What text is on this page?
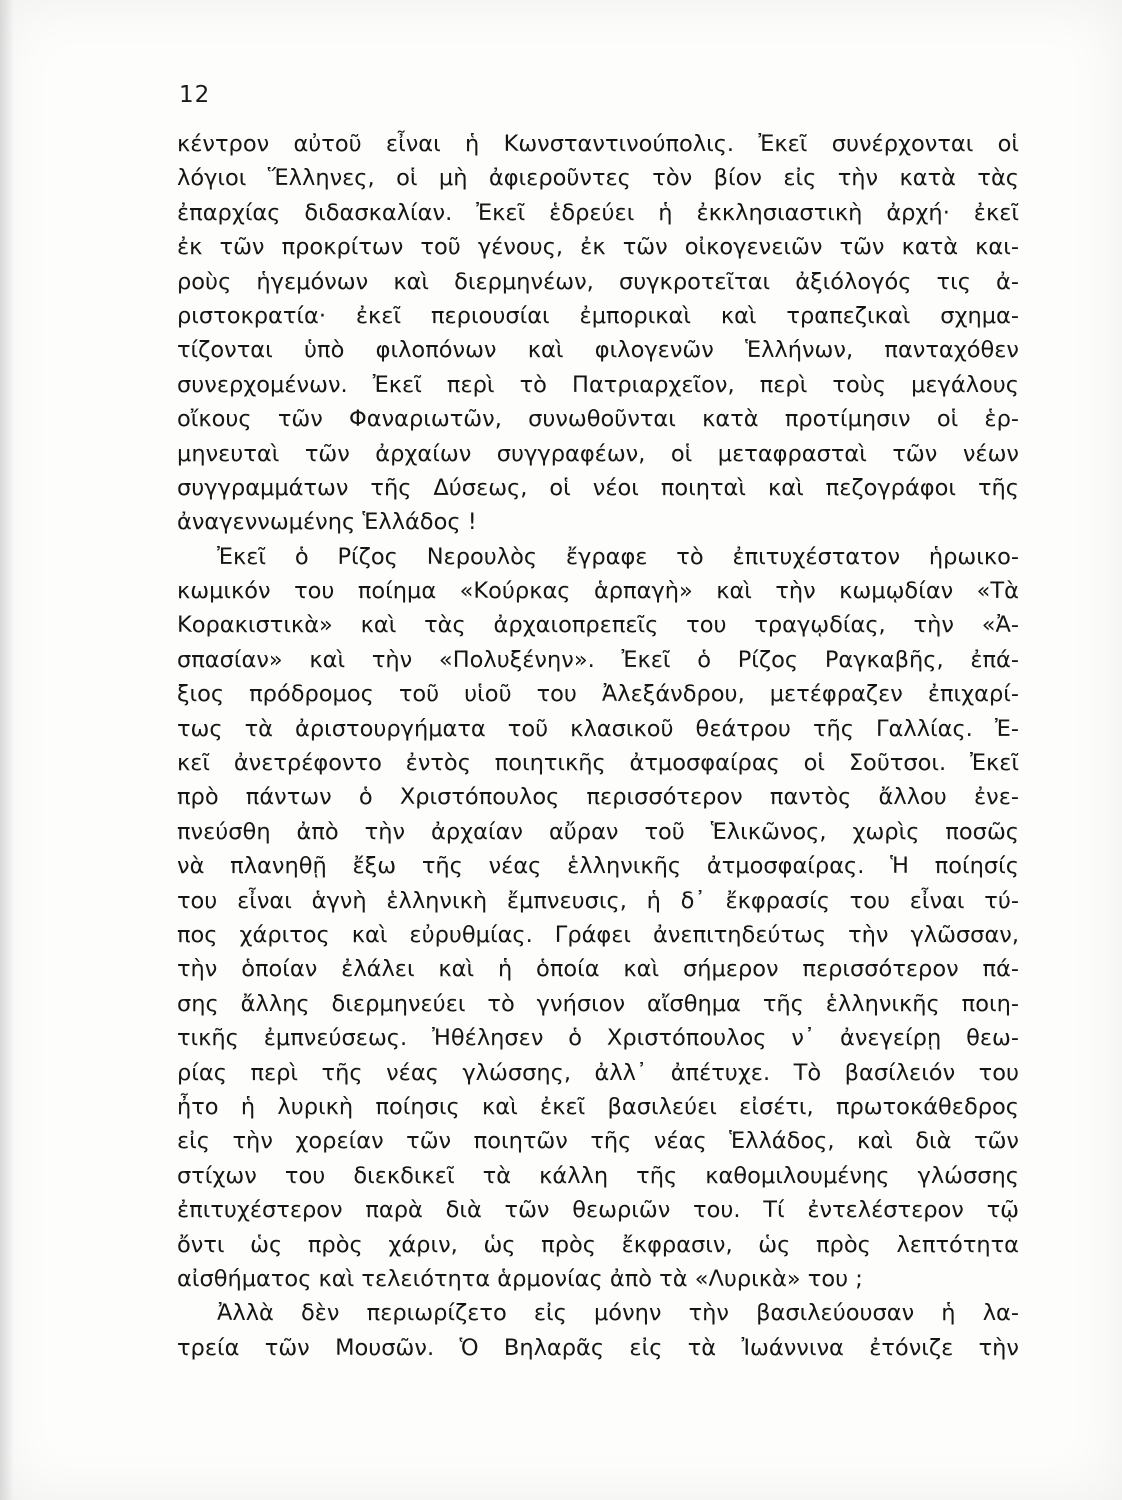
12
κέντρον αὐτοῦ εἶναι ἡ Κωνσταντινούπολις. Ἐκεῖ συνέρχονται οἱ
λόγιοι Ἕλληνες, οἱ μὴ ἀφιεροῦντες τὸν βίον εἰς τὴν κατὰ τὰς
ἐπαρχίας διδασκαλίαν. Ἐκεῖ ἑδρεύει ἡ ἐκκλησιαστικὴ ἀρχή· ἐκεῖ
ἐκ τῶν προκρίτων τοῦ γένους, ἐκ τῶν οἰκογενειῶν τῶν κατὰ και-
ροὺς ἡγεμόνων καὶ διερμηνέων, συγκροτεῖται ἀξιόλογός τις ἀ-
ριστοκρατία· ἐκεῖ περιουσίαι ἐμπορικαὶ καὶ τραπεζικαὶ σχημα-
τίζονται ὑπὸ φιλοπόνων καὶ φιλογενῶν Ἑλλήνων, πανταχόθεν
συνερχομένων. Ἐκεῖ περὶ τὸ Πατριαρχεῖον, περὶ τοὺς μεγάλους
οἴκους τῶν Φαναριωτῶν, συνωθοῦνται κατὰ προτίμησιν οἱ ἑρ-
μηνευταὶ τῶν ἀρχαίων συγγραφέων, οἱ μεταφρασταὶ τῶν νέων
συγγραμμάτων τῆς Δύσεως, οἱ νέοι ποιηταὶ καὶ πεζογράφοι τῆς
ἀναγεννωμένης Ἑλλάδος !
Ἐκεῖ ὁ Ρίζος Νερουλὸς ἔγραφε τὸ ἐπιτυχέστατον ἡρωικο-
κωμικόν του ποίημα «Κούρκας ἁρπαγὴ» καὶ τὴν κωμῳδίαν «Τὰ
Κορακιστικὰ» καὶ τὰς ἀρχαιοπρεπεῖς του τραγῳδίας, τὴν «Ἀ-
σπασίαν» καὶ τὴν «Πολυξένην». Ἐκεῖ ὁ Ρίζος Ραγκαβῆς, ἐπά-
ξιος πρόδρομος τοῦ υἱοῦ του Ἀλεξάνδρου, μετέφραζεν ἐπιχαρί-
τως τὰ ἀριστουργήματα τοῦ κλασικοῦ θεάτρου τῆς Γαλλίας. Ἐ-
κεῖ ἀνετρέφοντο ἐντὸς ποιητικῆς ἀτμοσφαίρας οἱ Σοῦτσοι. Ἐκεῖ
πρὸ πάντων ὁ Χριστόπουλος περισσότερον παντὸς ἄλλου ἐνε-
πνεύσθη ἀπὸ τὴν ἀρχαίαν αὔραν τοῦ Ἑλικῶνος, χωρὶς ποσῶς
νὰ πλανηθῇ ἔξω τῆς νέας ἑλληνικῆς ἀτμοσφαίρας. Ἡ ποίησίς
του εἶναι ἁγνὴ ἑλληνικὴ ἔμπνευσις, ἡ δ᾽ ἔκφρασίς του εἶναι τύ-
πος χάριτος καὶ εὐρυθμίας. Γράφει ἀνεπιτηδεύτως τὴν γλῶσσαν,
τὴν ὁποίαν ἐλάλει καὶ ἡ ὁποία καὶ σήμερον περισσότερον πά-
σης ἄλλης διερμηνεύει τὸ γνήσιον αἴσθημα τῆς ἑλληνικῆς ποιη-
τικῆς ἐμπνεύσεως. Ἠθέλησεν ὁ Χριστόπουλος ν᾽ ἀνεγείρῃ θεω-
ρίας περὶ τῆς νέας γλώσσης, ἀλλ᾽ ἀπέτυχε. Τὸ βασίλειόν του
ἦτο ἡ λυρικὴ ποίησις καὶ ἐκεῖ βασιλεύει εἰσέτι, πρωτοκάθεδρος
εἰς τὴν χορείαν τῶν ποιητῶν τῆς νέας Ἑλλάδος, καὶ διὰ τῶν
στίχων του διεκδικεῖ τὰ κάλλη τῆς καθομιλουμένης γλώσσης
ἐπιτυχέστερον παρὰ διὰ τῶν θεωριῶν του. Τί ἐντελέστερον τῷ
ὄντι ὡς πρὸς χάριν, ὡς πρὸς ἔκφρασιν, ὡς πρὸς λεπτότητα
αἰσθήματος καὶ τελειότητα ἁρμονίας ἀπὸ τὰ «Λυρικὰ» του ;
Ἀλλὰ δὲν περιωρίζετο εἰς μόνην τὴν βασιλεύουσαν ἡ λα-
τρεία τῶν Μουσῶν. Ὁ Βηλαρᾶς εἰς τὰ Ἰωάννινα ἐτόνιζε τὴν
